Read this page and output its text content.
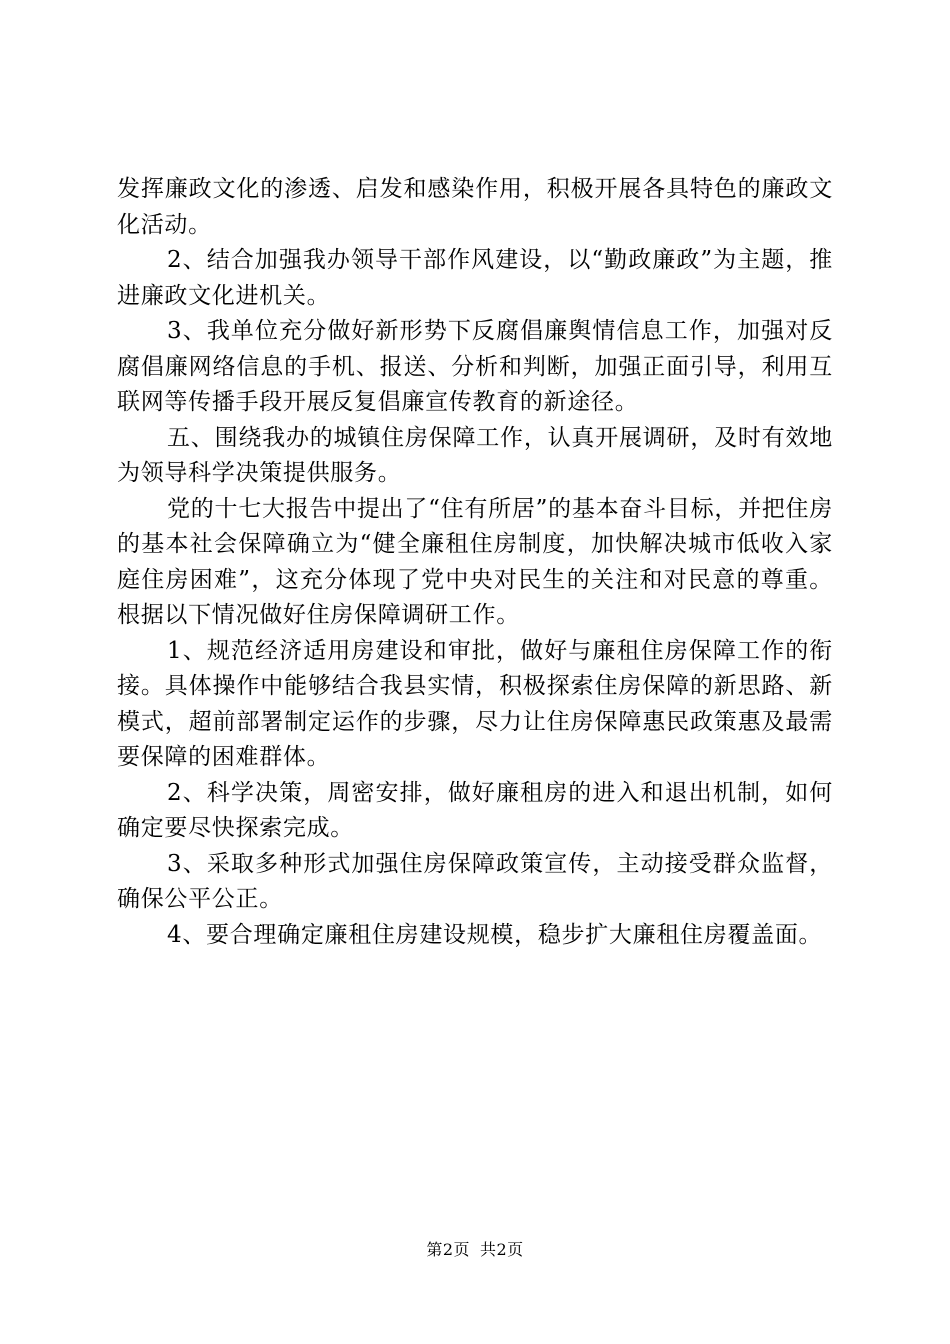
发挥廉政文化的渗透、启发和感染作用，积极开展各具特色的廉政文化活动。

2、结合加强我办领导干部作风建设，以“勤政廉政”为主题，推进廉政文化进机关。

3、我单位充分做好新形势下反腐倡廉舆情信息工作，加强对反腐倡廉网络信息的手机、报送、分析和判断，加强正面引导，利用互联网等传播手段开展反复倡廉宣传教育的新途径。

五、围绕我办的城镇住房保障工作，认真开展调研，及时有效地为领导科学决策提供服务。

党的十七大报告中提出了“住有所居”的基本奋斗目标，并把住房的基本社会保障确立为“健全廉租住房制度，加快解决城市低收入家庭住房困难”，这充分体现了党中央对民生的关注和对民意的尊重。根据以下情况做好住房保障调研工作。

1、规范经济适用房建设和审批，做好与廉租住房保障工作的衔接。具体操作中能够结合我县实情，积极探索住房保障的新思路、新模式，超前部署制定运作的步骤，尽力让住房保障惠民政策惠及最需要保障的困难群体。

2、科学决策，周密安排，做好廉租房的进入和退出机制，如何确定要尽快探索完成。

3、采取多种形式加强住房保障政策宣传，主动接受群众监督，确保公平公正。

4、要合理确定廉租住房建设规模，稳步扩大廉租住房覆盖面。

第2页 共2页
